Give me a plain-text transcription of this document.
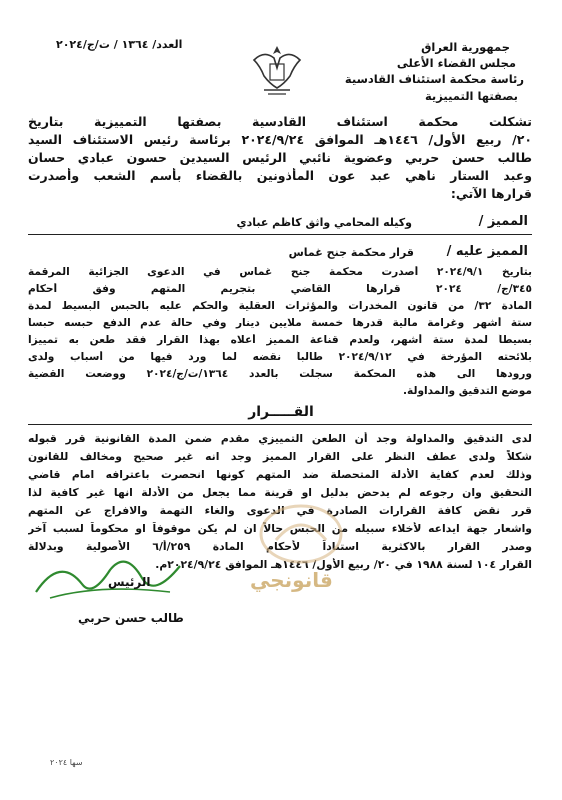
جمهورية العراق
مجلس القضاء الأعلى
رئاسة محكمة استئناف القادسية
بصفتها التمييزية
العدد/ ١٣٦٤ / ت/ج/٢٠٢٤
تشكلت محكمة استئناف القادسية بصفتها التمييزية بتاريخ
٢٠/ ربيع الأول/ ١٤٤٦هـ الموافق ٢٠٢٤/٩/٢٤ برئاسة رئيس الاستئناف السيد
طالب حسن حربي وعضوية نائبي الرئيس السيدين حسون عبادي حسان
وعبد الستار ناهي عبد عون المأذونين بالقضاء بأسم الشعب وأصدرت
قرارها الآتي:
المميز /
وكيله المحامي واثق كاظم عبادي
المميز عليه /
قرار محكمة جنح غماس
بتاريخ ٢٠٢٤/٩/١ أصدرت محكمة جنح غماس في الدعوى الجزائية المرقمة
٣٤٥/ج/ ٢٠٢٤ قرارها القاضي بتجريم المتهم وفق أحكام
المادة ٣٢/ من قانون المخدرات والمؤثرات العقلية والحكم عليه بالحبس البسيط لمدة
ستة أشهر وغرامة مالية قدرها خمسة ملايين دينار وفي حالة عدم الدفع حبسه حبساً
بسيطاً لمدة ستة أشهر، ولعدم قناعة المميز أعلاه بهذا القرار فقد طعن به تمييزاً
بلائحته المؤرخة في ٢٠٢٤/٩/١٢ طالباً نقضه لما ورد فيها من أسباب ولدى
ورودها الى هذه المحكمة سجلت بالعدد ١٣٦٤/ت/ج/٢٠٢٤ ووضعت القضية
موضع التدقيق والمداولة.
القـــــرار
لدى التدقيق والمداولة وجد أن الطعن التمييزي مقدم ضمن المدة القانونية قرر قبوله
شكلاً ولدى عطف النظر على القرار المميز وجد انه غير صحيح ومخالف للقانون
وذلك لعدم كفاية الأدلة المتحصلة ضد المتهم كونها انحصرت باعترافه امام قاضي
التحقيق وان رجوعه لم يدحض بدليل او قرينة مما يجعل من الأدلة انها غير كافية لذا
قرر نقض كافة القرارات الصادرة في الدعوى والغاء التهمة والافراج عن المتهم
واشعار جهة ايداعه لأخلاء سبيله من الحبس حالاً ان لم يكن موقوفاً او محكوماً لسبب آخر
وصدر القرار بالاكثرية استناداً لأحكام المادة ٢٥٩/أ/٦ الأصولية وبدلالة
القرار ١٠٤ لسنة ١٩٨٨ في ٢٠/ ربيع الأول/ ١٤٤٦هـ الموافق ٢٠٢٤/٩/٢٤م.
قانونجي
الرئيس
طالب حسن حربي
سها ٢٠٢٤
